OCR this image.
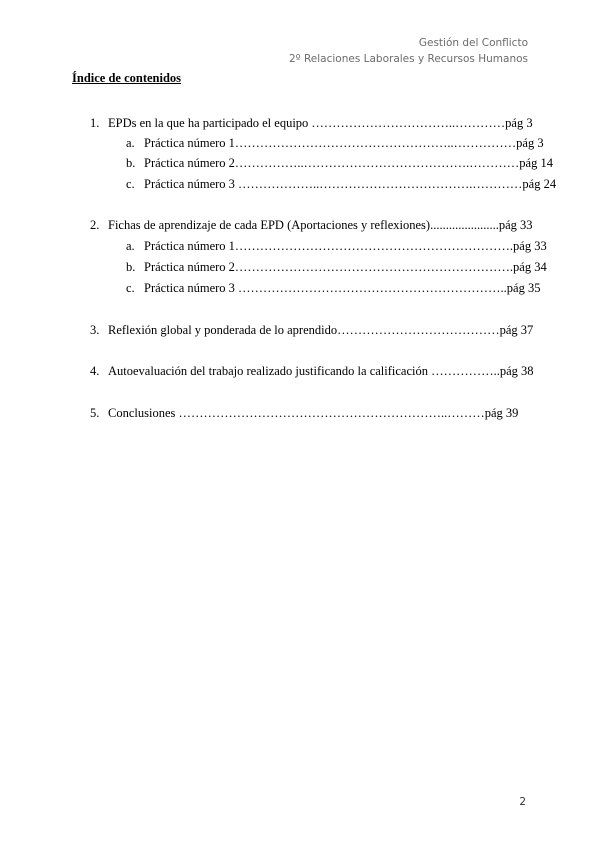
Gestión del Conflicto
2º Relaciones Laborales y Recursos Humanos
Índice de contenidos
1. EPDs en la que ha participado el equipo ……………………………..…………pág 3
a. Práctica número 1……………………………………………..……………pág 3
b. Práctica número 2……………..………………………………….…………pág 14
c. Práctica número 3 ………………..……………………………….…………pág 24
2. Fichas de aprendizaje de cada EPD (Aportaciones y reflexiones)......................pág 33
a. Práctica número 1………………………………………………………….pág 33
b. Práctica número 2………………………………………………………….pág 34
c. Práctica número 3 ………………………………………………………..pág 35
3. Reflexión global y ponderada de lo aprendido…………………………………pág 37
4. Autoevaluación del trabajo realizado justificando la calificación ……………..pág 38
5. Conclusiones ………………………………………………………..………pág 39
2
